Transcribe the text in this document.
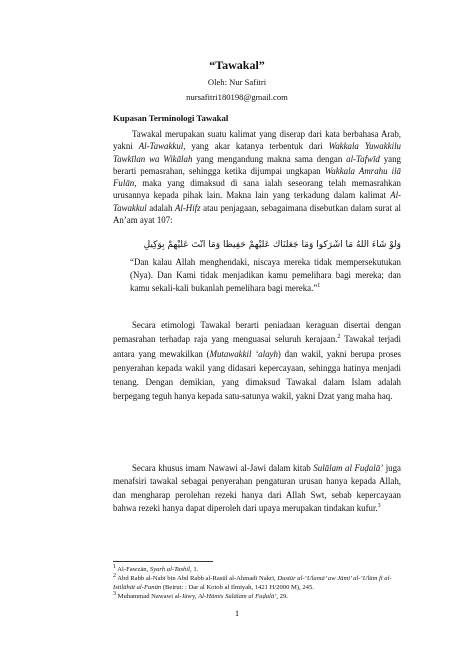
“Tawakal”
Oleh: Nur Safitri
nursafitri180198@gmail.com
Kupasan Terminologi Tawakal

Tawakal merupakan suatu kalimat yang diserap dari kata berbahasa Arab, yakni Al-Tawakkul, yang akar katanya terbentuk dari Wakkala Yuwakkilu Tawkīlan wa Wikālah yang mengandung makna sama dengan al-Tafwīd yang berarti pemasrahan, sehingga ketika dijumpai ungkapan Wakkala Amrahu ilā Fulān, maka yang dimaksud di sana ialah seseorang telah memasrahkan urusannya kepada pihak lain. Makna lain yang terkadung dalam kalimat Al-Tawakkul adalah Al-Hifz atau penjagaan, sebagaimana disebutkan dalam surat al An’am ayat 107:

وَلَوْ شَاءَ اللَّهُ مَا أَشْرَكُوا وَمَا جَعَلْنَاكَ عَلَيْهِمْ حَفِيظًا وَمَا أَنْتَ عَلَيْهِمْ بِوَكِيلٍ

“Dan kalau Allah menghendaki, niscaya mereka tidak mempersekutukan (Nya). Dan Kami tidak menjadikan kamu pemelihara bagi mereka; dan kamu sekali-kali bukanlah pemelihara bagi mereka.”$^1$

Secara etimologi Tawakal berarti peniadaan keraguan disertai dengan pemasrahan terhadap raja yang menguasai seluruh kerajaan.$^2$ Tawakal terjadi antara yang mewakilkan (Mutawakkil ‘alayh) dan wakil, yakni berupa proses penyerahan kepada wakil yang didasari kepercayaan, sehingga hatinya menjadi tenang. Dengan demikian, yang dimaksud Tawakal dalam Islam adalah berpegang teguh hanya kepada satu-satunya wakil, yakni Dzat yang maha haq.

Secara khusus imam Nawawi al-Jawi dalam kitab Sulālam al Fuḍalā’ juga menafsiri tawakal sebagai penyerahan pengaturan urusan hanya kepada Allah, dan mengharap perolehan rezeki hanya dari Allah Swt, sebab kepercayaan bahwa rezeki hanya dapat diperoleh dari upaya merupakan tindakan kufur.$^3$

$^1$ Al-Fawzān, Syarh al-Tashīl, 1.

$^2$ Abd Rabb al-Nabī bin Abd Rabb al-Rasūl al-Ahmadī Nakrī, Dustūr al-‘Ulamā’ aw Jāmi’ al-‘Ulūm fī al-Istilāhāt al-Funūn (Beirut: : Dar al Kotob al Ilmiyah, 1421 H/2000 M), 245.

$^3$ Muhammad Nawawi al-Jāwy, Al-Hāmis Sulālam al Fuḍalā’, 29.

1
